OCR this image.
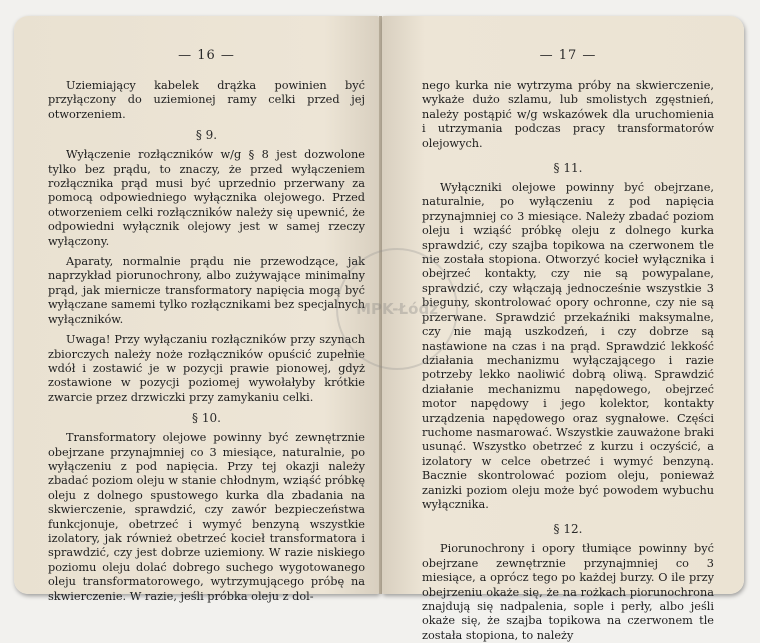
— 16 —

Uziemiający kabelek drążka powinien być przyłączony do uziemionej ramy celki przed jej otworzeniem.

§ 9.

Wyłączenie rozłączników w/g § 8 jest dozwolone tylko bez prądu, to znaczy, że przed wyłączeniem rozłącznika prąd musi być uprzednio przerwany za pomocą odpowiedniego wyłącznika olejowego. Przed otworzeniem celki rozłączników należy się upewnić, że odpowiedni wyłącznik olejowy jest w samej rzeczy wyłączony.

Aparaty, normalnie prądu nie przewodzące, jak naprzykład piorunochrony, albo zużywające minimalny prąd, jak miernicze transformatory napięcia mogą być wyłączane samemi tylko rozłącznikami bez specjalnych wyłączników.

Uwaga! Przy wyłączaniu rozłączników przy szynach zbiorczych należy noże rozłączników opuścić zupełnie wdół i zostawić je w pozycji prawie pionowej, gdyż zostawione w pozycji poziomej wywołałyby krótkie zwarcie przez drzwiczki przy zamykaniu celki.

§ 10.

Transformatory olejowe powinny być zewnętrznie obejrzane przynajmniej co 3 miesiące, naturalnie, po wyłączeniu z pod napięcia. Przy tej okazji należy zbadać poziom oleju w stanie chłodnym, wziąść próbkę oleju z dolnego spustowego kurka dla zbadania na skwierczenie, sprawdzić, czy zawór bezpieczeństwa funkcjonuje, obetrzeć i wymyć benzyną wszystkie izolatory, jak również obetrzeć kocieł transformatora i sprawdzić, czy jest dobrze uziemiony. W razie niskiego poziomu oleju dolać dobrego suchego wygotowanego oleju transformatorowego, wytrzymującego próbę na skwierczenie. W razie, jeśli próbka oleju z dol-

— 17 —

nego kurka nie wytrzyma próby na skwierczenie, wykaże dużo szlamu, lub smolistych zgęstnień, należy postąpić w/g wskazówek dla uruchomienia i utrzymania podczas pracy transformatorów olejowych.

§ 11.

Wyłączniki olejowe powinny być obejrzane, naturalnie, po wyłączeniu z pod napięcia przynajmniej co 3 miesiące. Należy zbadać poziom oleju i wziąść próbkę oleju z dolnego kurka sprawdzić, czy szajba topikowa na czerwonem tle nie została stopiona. Otworzyć kocieł wyłącznika i obejrzeć kontakty, czy nie są powypalane, sprawdzić, czy włączają jednocześnie wszystkie 3 bieguny, skontrolować opory ochronne, czy nie są przerwane. Sprawdzić przekaźniki maksymalne, czy nie mają uszkodzeń, i czy dobrze są nastawione na czas i na prąd. Sprawdzić lekkość działania mechanizmu wyłączającego i razie potrzeby lekko naoliwić dobrą oliwą. Sprawdzić działanie mechanizmu napędowego, obejrzeć motor napędowy i jego kolektor, kontakty urządzenia napędowego oraz sygnałowe. Części ruchome nasmarować. Wszystkie zauważone braki usunąć. Wszystko obetrzeć z kurzu i oczyścić, a izolatory w celce obetrzeć i wymyć benzyną. Bacznie skontrolować poziom oleju, ponieważ zanizki poziom oleju może być powodem wybuchu wyłącznika.

§ 12.

Piorunochrony i opory tłumiące powinny być obejrzane zewnętrznie przynajmniej co 3 miesiące, a oprócz tego po każdej burzy. O ile przy obejrzeniu okaże się, że na rożkach piorunochrona znajdują się nadpalenia, sople i perły, albo jeśli okaże się, że szajba topikowa na czerwonem tle została stopiona, to należy

MPK-Łódź
